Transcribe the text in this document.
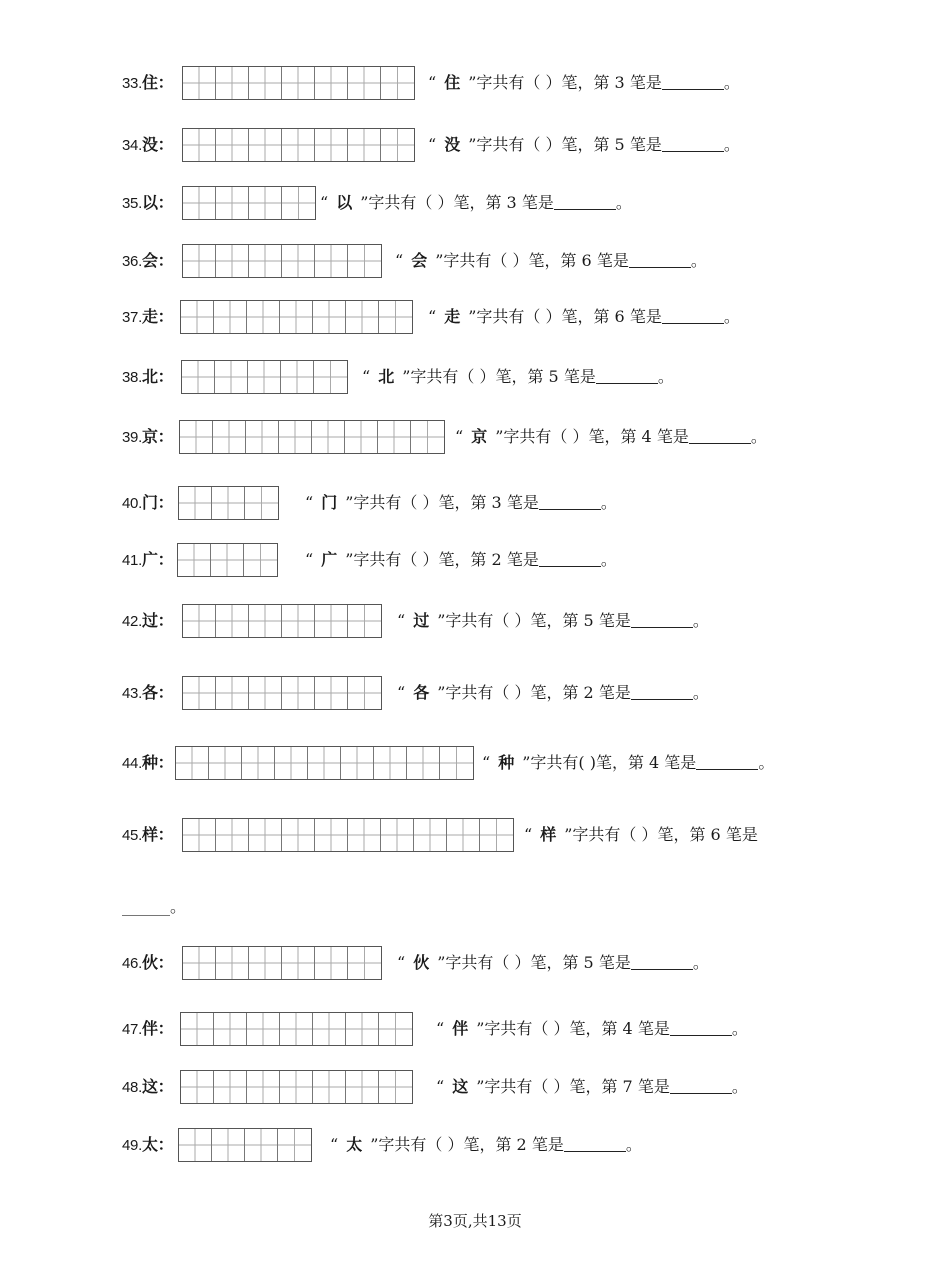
33.住：	“ 住 ”字共有（ ）笔，第 3 笔是	。
34.没：	“ 没 ”字共有（ ）笔，第 5 笔是	。
35.以：	“ 以 ”字共有（ ）笔，第 3 笔是	。
36.会：	“ 会 ”字共有（ ）笔，第 6 笔是	。
37.走：	“ 走 ”字共有（ ）笔，第 6 笔是	。
38.北：	“ 北 ”字共有（ ）笔，第 5 笔是	。
39.京：	“ 京 ”字共有（ ）笔，第 4 笔是	。
40.门：	“ 门 ”字共有（ ）笔，第 3 笔是	。
41.广：	“ 广 ”字共有（ ）笔，第 2 笔是	。
42.过：	“ 过 ”字共有（ ）笔，第 5 笔是	。
43.各：	“ 各 ”字共有（ ）笔，第 2 笔是	。
44.种：	“ 种 ”字共有( )笔，第 4 笔是	。
45.样：	“ 样 ”字共有（ ）笔，第 6 笔是
46.伙：	“ 伙 ”字共有（ ）笔，第 5 笔是	。
47.伴：	“ 伴 ”字共有（ ）笔，第 4 笔是	。
48.这：	“ 这 ”字共有（ ）笔，第 7 笔是	。
49.太：	“ 太 ”字共有（ ）笔，第 2 笔是	。
______。
第3页,共13页
